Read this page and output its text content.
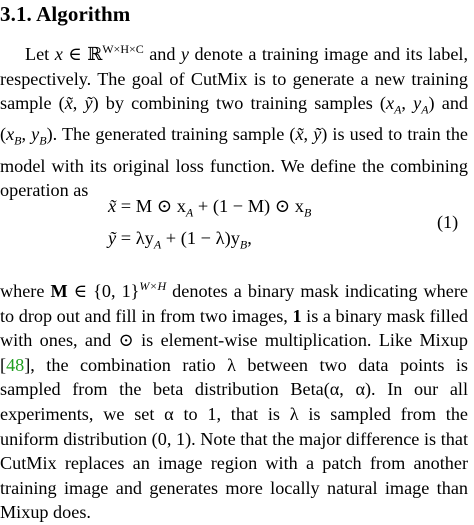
3.1. Algorithm
Let x ∈ ℝ$^{W\times H\times C}$ and y denote a training image and its label, respectively. The goal of CutMix is to generate a new training sample (x̃, ỹ) by combining two training samples ($x_A$, $y_A$) and ($x_B$, $y_B$). The generated training sample (x̃, ỹ) is used to train the model with its original loss function. We define the combining operation as
x̃ = M ⊙ $x_A + (1 - M)$ ⊙ $x_B$
ỹ = $\lambda y_A + (1 - \lambda)y_B$,
(1)
where M ∈ {0, 1}$^{W\times H}$ denotes a binary mask indicating where to drop out and fill in from two images, 1 is a binary mask filled with ones, and ⊙ is element-wise multiplication. Like Mixup [48], the combination ratio λ between two data points is sampled from the beta distribution Beta(α, α). In our all experiments, we set α to 1, that is λ is sampled from the uniform distribution (0, 1). Note that the major difference is that CutMix replaces an image region with a patch from another training image and generates more locally natural image than Mixup does.
